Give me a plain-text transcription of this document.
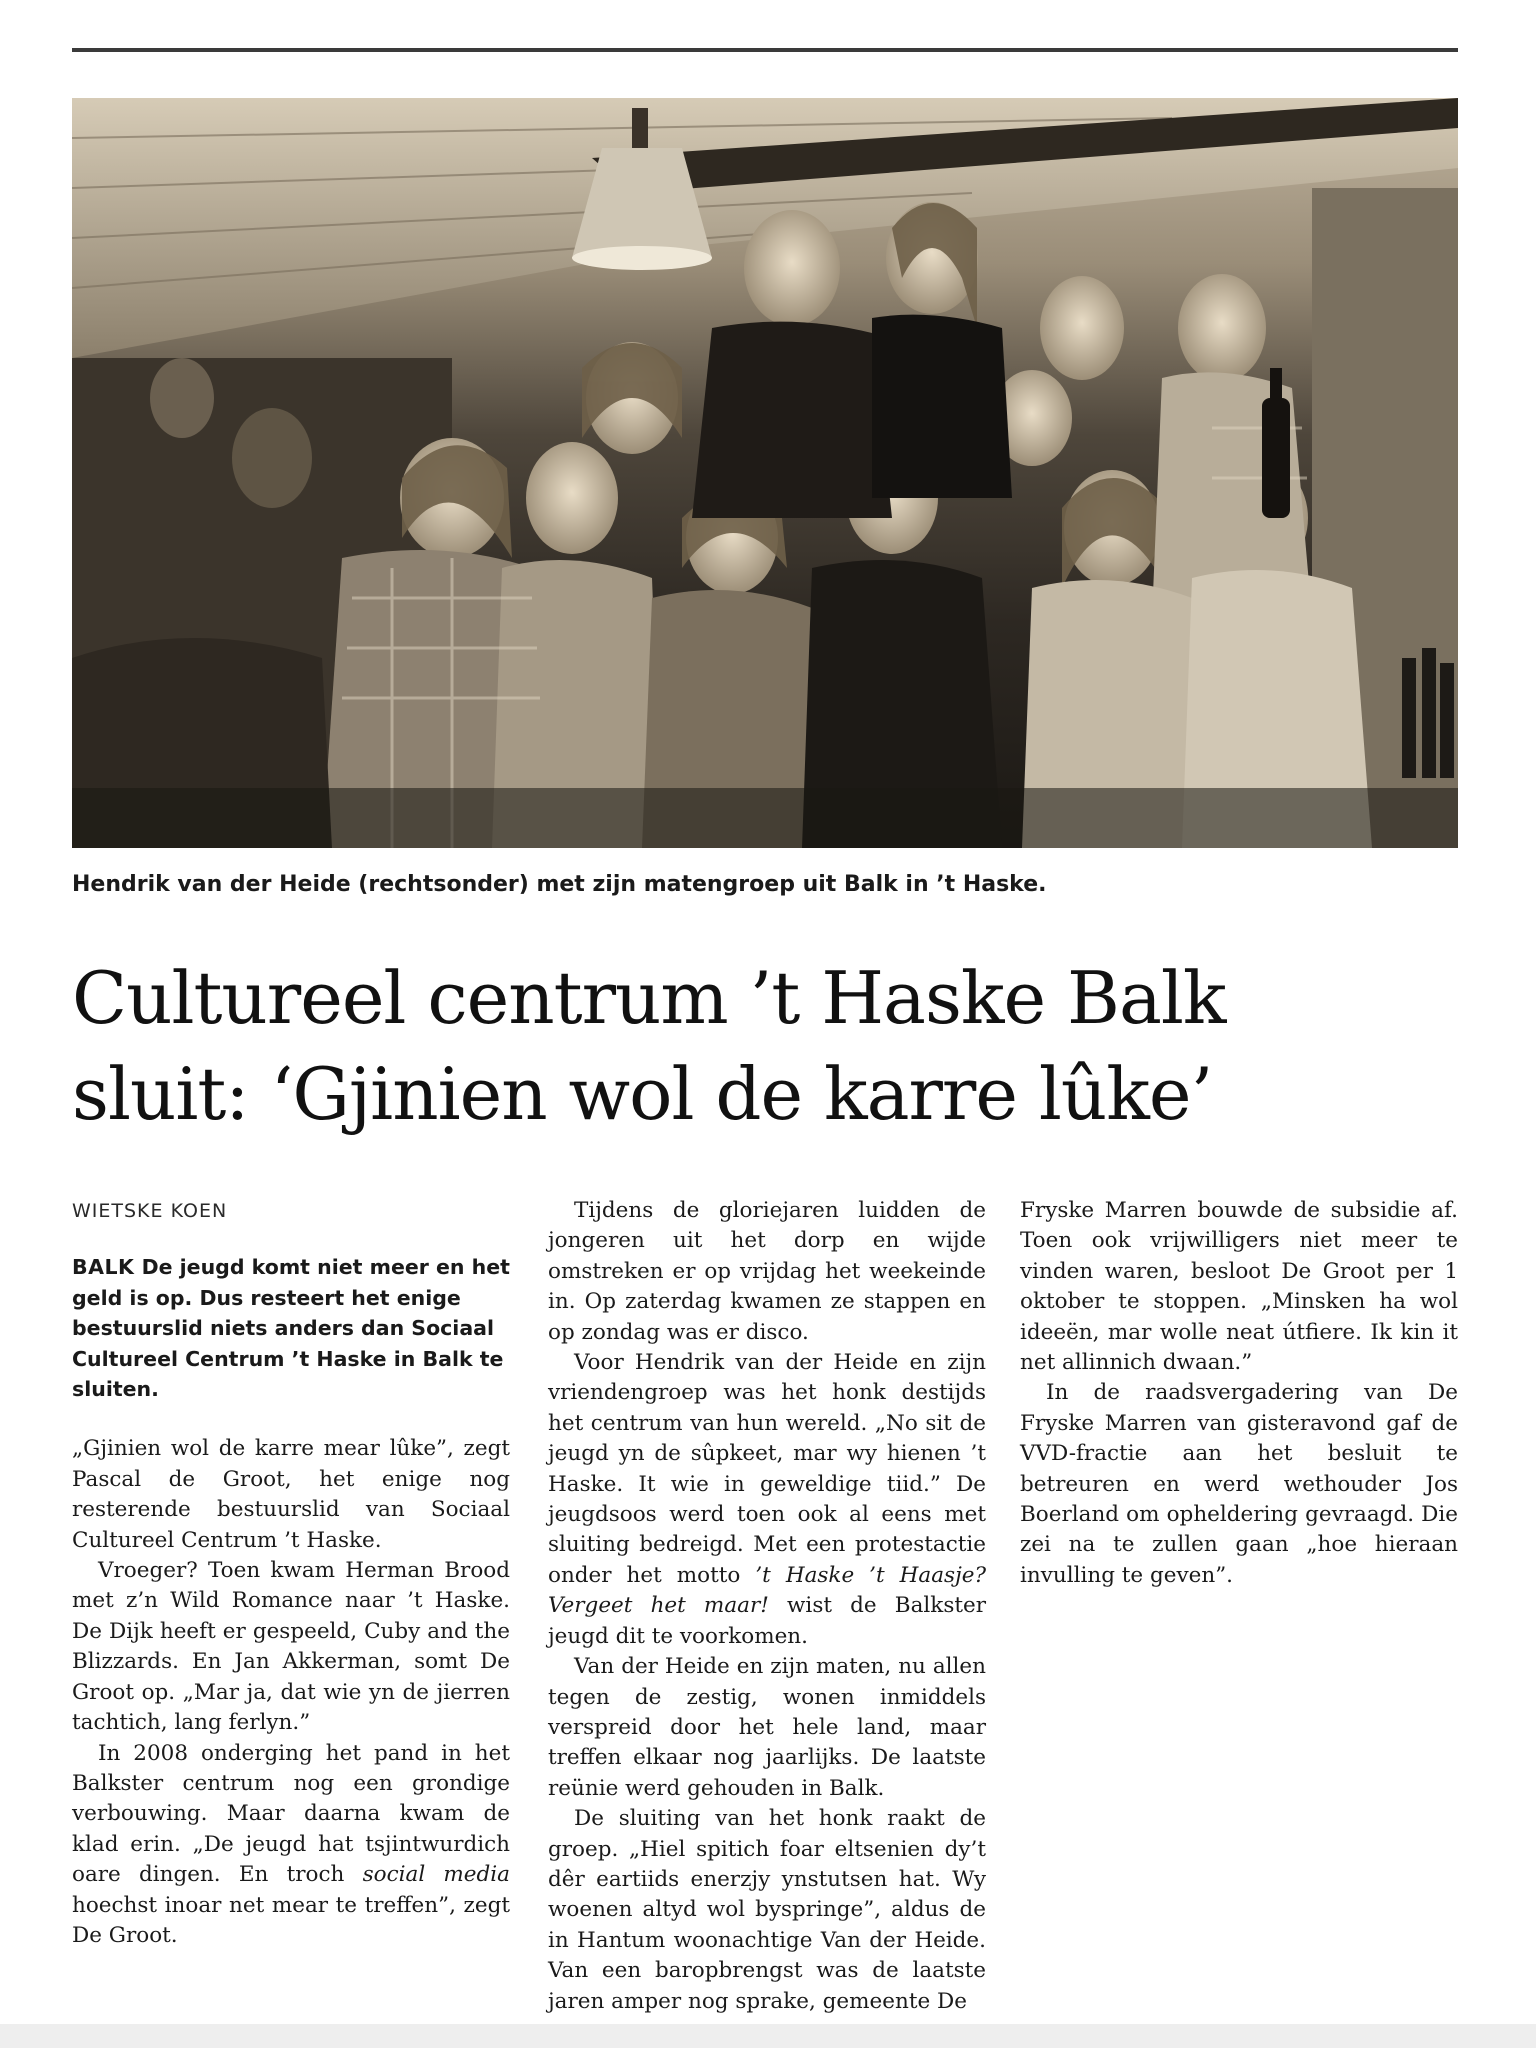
Hendrik van der Heide (rechtsonder) met zijn matengroep uit Balk in ’t Haske.
Cultureel centrum ’t Haske Balk
sluit: ‘Gjinien wol de karre lûke’

WIETSKE KOEN

BALK De jeugd komt niet meer en het geld is op. Dus resteert het enige bestuurslid niets anders dan Sociaal Cultureel Centrum ’t Haske in Balk te sluiten.

„Gjinien wol de karre mear lûke”, zegt Pascal de Groot, het enige nog resterende bestuurslid van Sociaal Cultureel Centrum ’t Haske.

Vroeger? Toen kwam Herman Brood met z’n Wild Romance naar ’t Haske. De Dijk heeft er gespeeld, Cuby and the Blizzards. En Jan Akkerman, somt De Groot op. „Mar ja, dat wie yn de jierren tachtich, lang ferlyn.”

In 2008 onderging het pand in het Balkster centrum nog een grondige verbouwing. Maar daarna kwam de klad erin. „De jeugd hat tsjintwurdich oare dingen. En troch social media hoechst inoar net mear te treffen”, zegt De Groot.

Tijdens de gloriejaren luidden de jongeren uit het dorp en wijde omstreken er op vrijdag het weekeinde in. Op zaterdag kwamen ze stappen en op zondag was er disco.

Voor Hendrik van der Heide en zijn vriendengroep was het honk destijds het centrum van hun wereld. „No sit de jeugd yn de sûpkeet, mar wy hienen ’t Haske. It wie in geweldige tiid.” De jeugdsoos werd toen ook al eens met sluiting bedreigd. Met een protestactie onder het motto ’t Haske ’t Haasje? Vergeet het maar! wist de Balkster jeugd dit te voorkomen.

Van der Heide en zijn maten, nu allen tegen de zestig, wonen inmiddels verspreid door het hele land, maar treffen elkaar nog jaarlijks. De laatste reünie werd gehouden in Balk.

De sluiting van het honk raakt de groep. „Hiel spitich foar eltsenien dy’t dêr eartiids enerzjy ynstutsen hat. Wy woenen altyd wol byspringe”, aldus de in Hantum woonachtige Van der Heide. Van een baropbrengst was de laatste jaren amper nog sprake, gemeente De

Fryske Marren bouwde de subsidie af. Toen ook vrijwilligers niet meer te vinden waren, besloot De Groot per 1 oktober te stoppen. „Minsken ha wol ideeën, mar wolle neat útfiere. Ik kin it net allinnich dwaan.”

In de raadsvergadering van De Fryske Marren van gisteravond gaf de VVD-fractie aan het besluit te betreuren en werd wethouder Jos Boerland om opheldering gevraagd. Die zei na te zullen gaan „hoe hieraan invulling te geven”.
